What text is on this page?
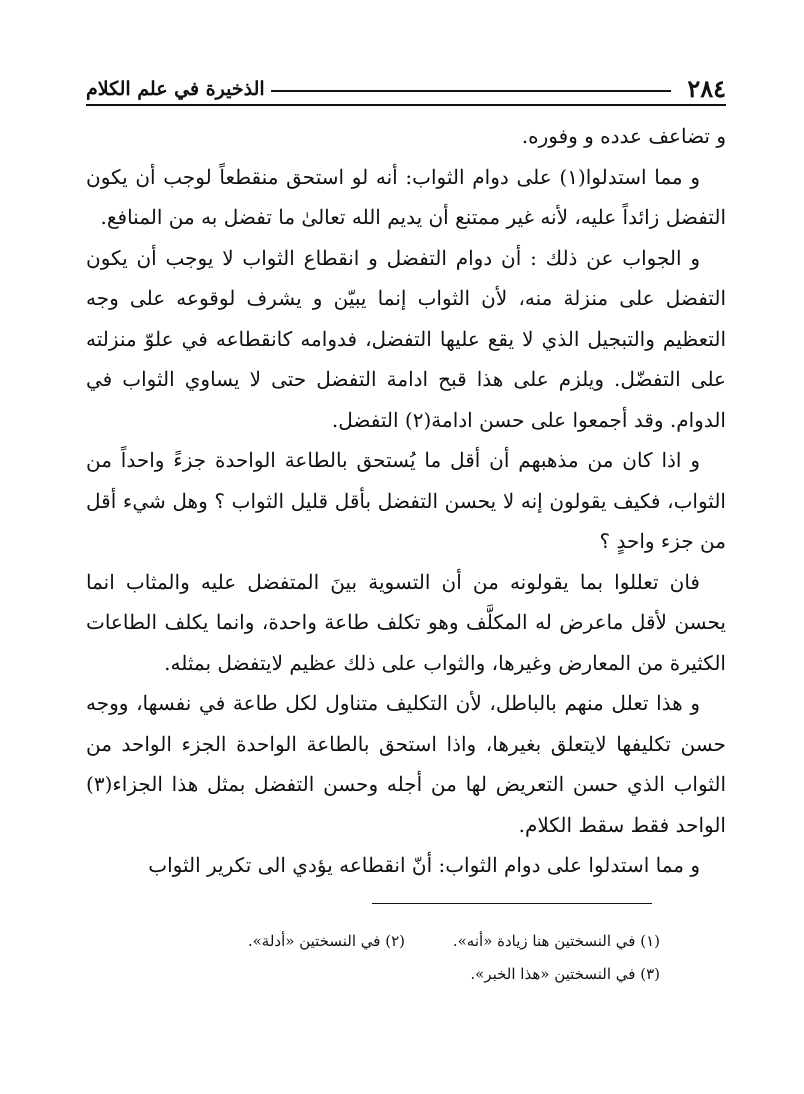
٢٨٤
الذخيرة في علم الكلام

و تضاعف عدده و وفوره.

و مما استدلوا(١) على دوام الثواب: أنه لو استحق منقطعاً لوجب أن يكون التفضل زائداً عليه، لأنه غير ممتنع أن يديم الله تعالىٰ ما تفضل به من المنافع.

و الجواب عن ذلك : أن دوام التفضل و انقطاع الثواب لا يوجب أن يكون التفضل على منزلة منه، لأن الثواب إنما يبيّن و يشرف لوقوعه على وجه التعظيم والتبجيل الذي لا يقع عليها التفضل، فدوامه كانقطاعه في علوّ منزلته على التفضّل. ويلزم على هذا قبح ادامة التفضل حتى لا يساوي الثواب في الدوام. وقد أجمعوا على حسن ادامة(٢) التفضل.

و اذا كان من مذهبهم أن أقل ما يُستحق بالطاعة الواحدة جزءً واحداً من الثواب، فكيف يقولون إنه لا يحسن التفضل بأقل قليل الثواب ؟ وهل شيء أقل من جزء واحدٍ ؟

فان تعللوا بما يقولونه من أن التسوية بينَ المتفضل عليه والمثاب انما يحسن لأقل ماعرض له المكلَّف وهو تكلف طاعة واحدة، وانما يكلف الطاعات الكثيرة من المعارض وغيرها، والثواب على ذلك عظيم لايتفضل بمثله.

و هذا تعلل منهم بالباطل، لأن التكليف متناول لكل طاعة في نفسها، ووجه حسن تكليفها لايتعلق بغيرها، واذا استحق بالطاعة الواحدة الجزء الواحد من الثواب الذي حسن التعريض لها من أجله وحسن التفضل بمثل هذا الجزاء(٣) الواحد فقط سقط الكلام.

و مما استدلوا على دوام الثواب: أنّ انقطاعه يؤدي الى تكرير الثواب

(١) في النسختين هنا زيادة «أنه».
(٢) في النسختين «أدلة».
(٣) في النسختين «هذا الخبر».
